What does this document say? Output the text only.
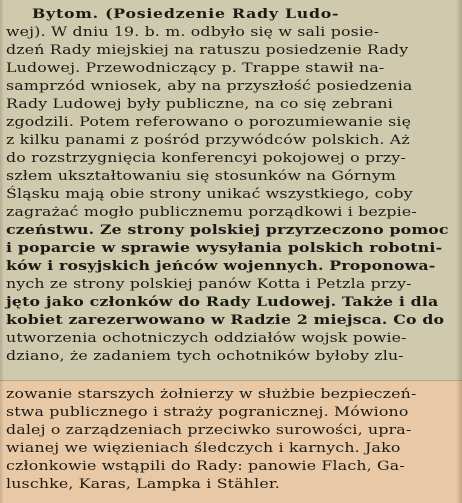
Bytom. (Posiedzenie Rady Ludo-
wej). W dniu 19. b. m. odbyło się w sali posie-
dzeń Rady miejskiej na ratuszu posiedzenie Rady
Ludowej. Przewodniczący p. Trappe stawił na-
samprzód wniosek, aby na przyszłość posiedzenia
Rady Ludowej były publiczne, na co się zebrani
zgodzili. Potem referowano o porozumiewanie się
z kilku panami z pośród przywódców polskich. Aż
do rozstrzygnięcia konferencyi pokojowej o przy-
szłem ukształtowaniu się stosunków na Górnym
Śląsku mają obie strony unikać wszystkiego, coby
zagrażać mogło publicznemu porządkowi i bezpie-
czeństwu. Ze strony polskiej przyrzeczono pomoc
i poparcie w sprawie wysyłania polskich robotni-
ków i rosyjskich jeńców wojennych. Proponowa-
nych ze strony polskiej panów Kotta i Petzla przy-
jęto jako członków do Rady Ludowej. Także i dla
kobiet zarezerwowano w Radzie 2 miejsca. Co do
utworzenia ochotniczych oddziałów wojsk powie-
dziano, że zadaniem tych ochotników byłoby zlu-
zowanie starszych żołnierzy w służbie bezpieczeń-
stwa publicznego i straży pogranicznej. Mówiono
dalej o zarządzeniach przeciwko surowości, upra-
wianej we więzieniach śledczych i karnych. Jako
członkowie wstąpili do Rady: panowie Flach, Ga-
luschke, Karas, Lampka i Stähler.
